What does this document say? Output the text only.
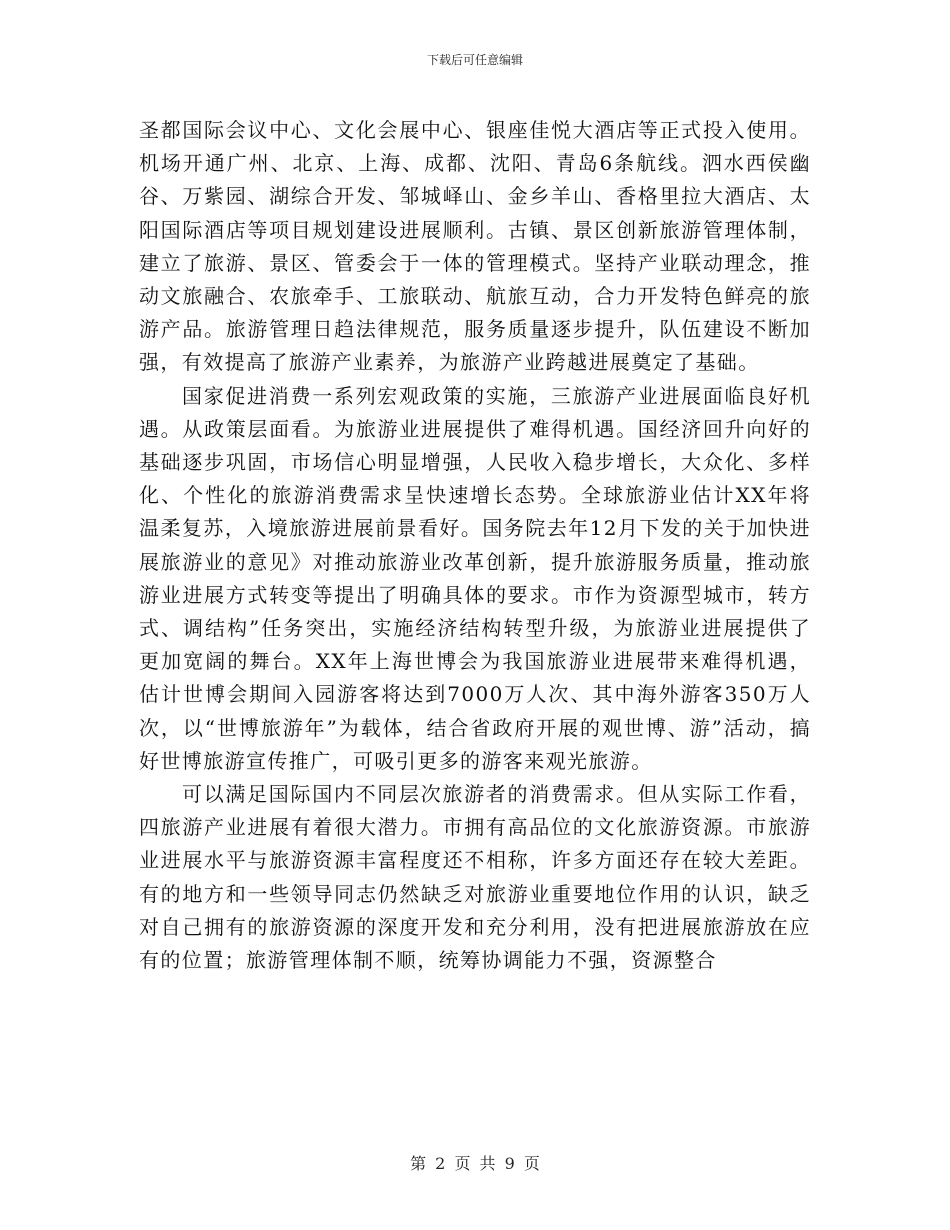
下载后可任意编辑

圣都国际会议中心、文化会展中心、银座佳悦大酒店等正式投入使用。机场开通广州、北京、上海、成都、沈阳、青岛6条航线。泗水西侯幽谷、万紫园、湖综合开发、邹城峄山、金乡羊山、香格里拉大酒店、太阳国际酒店等项目规划建设进展顺利。古镇、景区创新旅游管理体制，建立了旅游、景区、管委会于一体的管理模式。坚持产业联动理念，推动文旅融合、农旅牵手、工旅联动、航旅互动，合力开发特色鲜亮的旅游产品。旅游管理日趋法律规范，服务质量逐步提升，队伍建设不断加强，有效提高了旅游产业素养，为旅游产业跨越进展奠定了基础。

国家促进消费一系列宏观政策的实施，三旅游产业进展面临良好机遇。从政策层面看。为旅游业进展提供了难得机遇。国经济回升向好的基础逐步巩固，市场信心明显增强，人民收入稳步增长，大众化、多样化、个性化的旅游消费需求呈快速增长态势。全球旅游业估计XX年将温柔复苏，入境旅游进展前景看好。国务院去年12月下发的关于加快进展旅游业的意见》对推动旅游业改革创新，提升旅游服务质量，推动旅游业进展方式转变等提出了明确具体的要求。市作为资源型城市，转方式、调结构”任务突出，实施经济结构转型升级，为旅游业进展提供了更加宽阔的舞台。XX年上海世博会为我国旅游业进展带来难得机遇，估计世博会期间入园游客将达到7000万人次、其中海外游客350万人次，以“世博旅游年”为载体，结合省政府开展的观世博、游”活动，搞好世博旅游宣传推广，可吸引更多的游客来观光旅游。

可以满足国际国内不同层次旅游者的消费需求。但从实际工作看，四旅游产业进展有着很大潜力。市拥有高品位的文化旅游资源。市旅游业进展水平与旅游资源丰富程度还不相称，许多方面还存在较大差距。有的地方和一些领导同志仍然缺乏对旅游业重要地位作用的认识，缺乏对自己拥有的旅游资源的深度开发和充分利用，没有把进展旅游放在应有的位置；旅游管理体制不顺，统筹协调能力不强，资源整合

第 2 页 共 9 页
